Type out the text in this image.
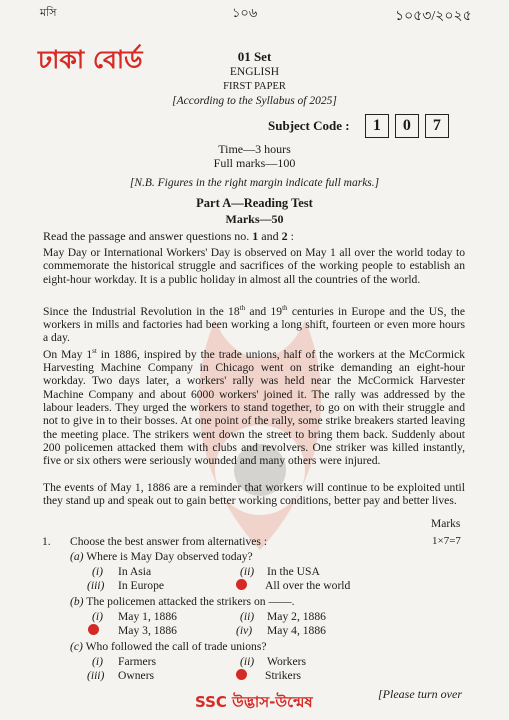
মসি	১০৬	১০৫৩/২০২৫
ঢাকা বোর্ড	01 Set
ENGLISH
FIRST PAPER
[According to the Syllabus of 2025]
Subject Code : 1 0 7
Time—3 hours
Full marks—100
[N.B. Figures in the right margin indicate full marks.]
Part A—Reading Test
Marks—50
Read the passage and answer questions no. 1 and 2 :

May Day or International Workers' Day is observed on May 1 all over the world today to commemorate the historical struggle and sacrifices of the working people to establish an eight-hour workday. It is a public holiday in almost all the countries of the world.

Since the Industrial Revolution in the 18th and 19th centuries in Europe and the US, the workers in mills and factories had been working a long shift, fourteen or even more hours a day.

On May 1st in 1886, inspired by the trade unions, half of the workers at the McCormick Harvesting Machine Company in Chicago went on strike demanding an eight-hour workday. Two days later, a workers' rally was held near the McCormick Harvester Machine Company and about 6000 workers' joined it. The rally was addressed by the labour leaders. They urged the workers to stand together, to go on with their struggle and not to give in to their bosses. At one point of the rally, some strike breakers started leaving the meeting place. The strikers went down the street to bring them back. Suddenly about 200 policemen attacked them with clubs and revolvers. One striker was killed instantly, five or six others were seriously wounded and many others were injured.

The events of May 1, 1886 are a reminder that workers will continue to be exploited until they stand up and speak out to gain better working conditions, better pay and better lives.

Marks
1×7=7
1. Choose the best answer from alternatives :
(a) Where is May Day observed today?
(i) In Asia	(ii) In the USA
(iii) In Europe	All over the world
(b) The policemen attacked the strikers on ——.
(i) May 1, 1886	(ii) May 2, 1886
May 3, 1886	(iv) May 4, 1886
(c) Who followed the call of trade unions?
(i) Farmers	(ii) Workers
(iii) Owners	Strikers
SSC উদ্ভাস-উন্মেষ	[Please turn over
